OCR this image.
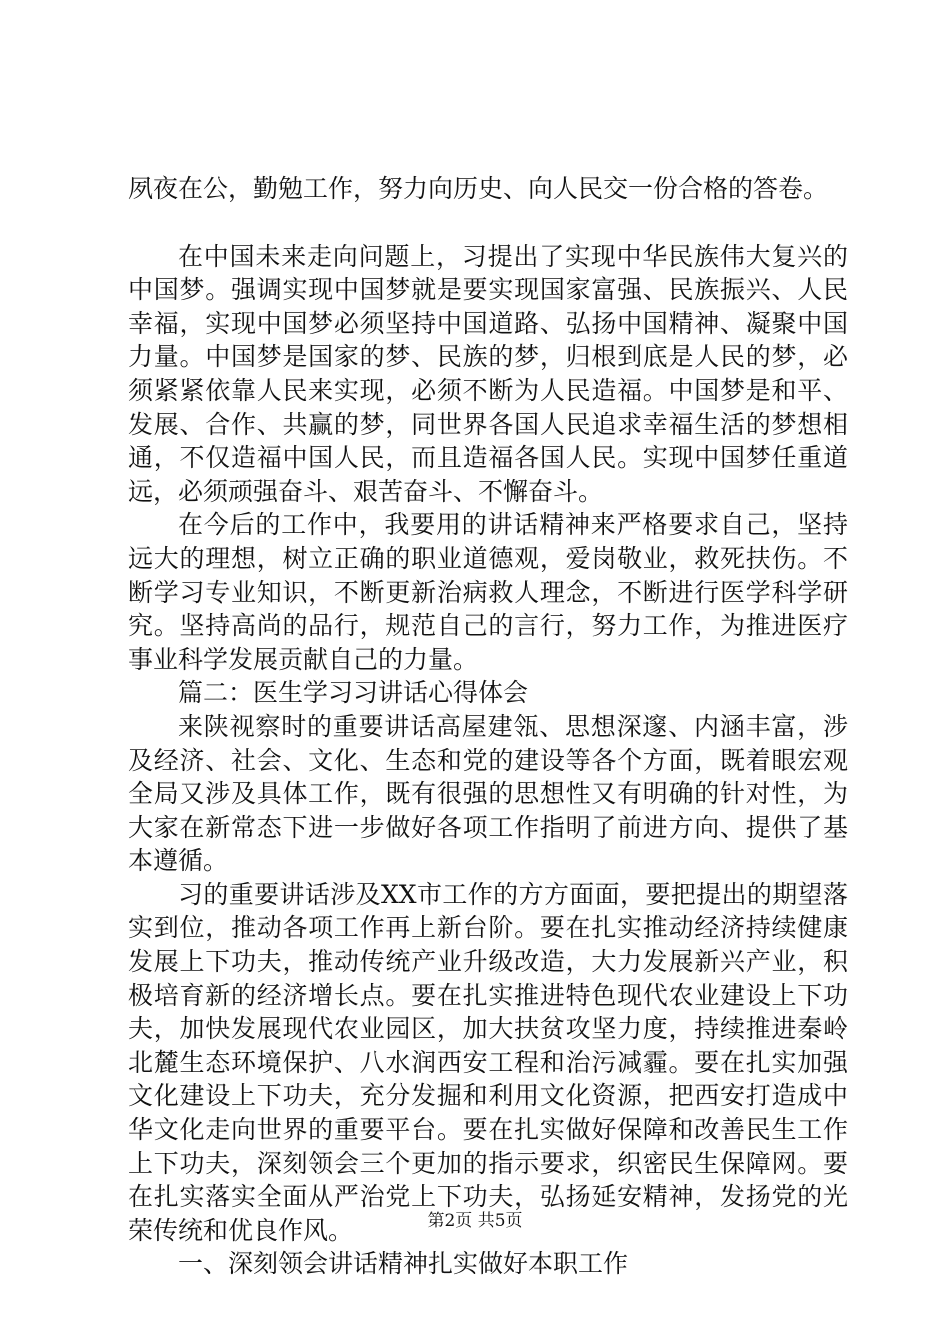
夙夜在公，勤勉工作，努力向历史、向人民交一份合格的答卷。

在中国未来走向问题上，习提出了实现中华民族伟大复兴的中国梦。强调实现中国梦就是要实现国家富强、民族振兴、人民幸福，实现中国梦必须坚持中国道路、弘扬中国精神、凝聚中国力量。中国梦是国家的梦、民族的梦，归根到底是人民的梦，必须紧紧依靠人民来实现，必须不断为人民造福。中国梦是和平、发展、合作、共赢的梦，同世界各国人民追求幸福生活的梦想相通，不仅造福中国人民，而且造福各国人民。实现中国梦任重道远，必须顽强奋斗、艰苦奋斗、不懈奋斗。

在今后的工作中，我要用的讲话精神来严格要求自己，坚持远大的理想，树立正确的职业道德观，爱岗敬业，救死扶伤。不断学习专业知识，不断更新治病救人理念，不断进行医学科学研究。坚持高尚的品行，规范自己的言行，努力工作，为推进医疗事业科学发展贡献自己的力量。

篇二：医生学习习讲话心得体会

来陕视察时的重要讲话高屋建瓴、思想深邃、内涵丰富，涉及经济、社会、文化、生态和党的建设等各个方面，既着眼宏观全局又涉及具体工作，既有很强的思想性又有明确的针对性，为大家在新常态下进一步做好各项工作指明了前进方向、提供了基本遵循。

习的重要讲话涉及XX市工作的方方面面，要把提出的期望落实到位，推动各项工作再上新台阶。要在扎实推动经济持续健康发展上下功夫，推动传统产业升级改造，大力发展新兴产业，积极培育新的经济增长点。要在扎实推进特色现代农业建设上下功夫，加快发展现代农业园区，加大扶贫攻坚力度，持续推进秦岭北麓生态环境保护、八水润西安工程和治污减霾。要在扎实加强文化建设上下功夫，充分发掘和利用文化资源，把西安打造成中华文化走向世界的重要平台。要在扎实做好保障和改善民生工作上下功夫，深刻领会三个更加的指示要求，织密民生保障网。要在扎实落实全面从严治党上下功夫，弘扬延安精神，发扬党的光荣传统和优良作风。

一、深刻领会讲话精神扎实做好本职工作

第2页 共5页
